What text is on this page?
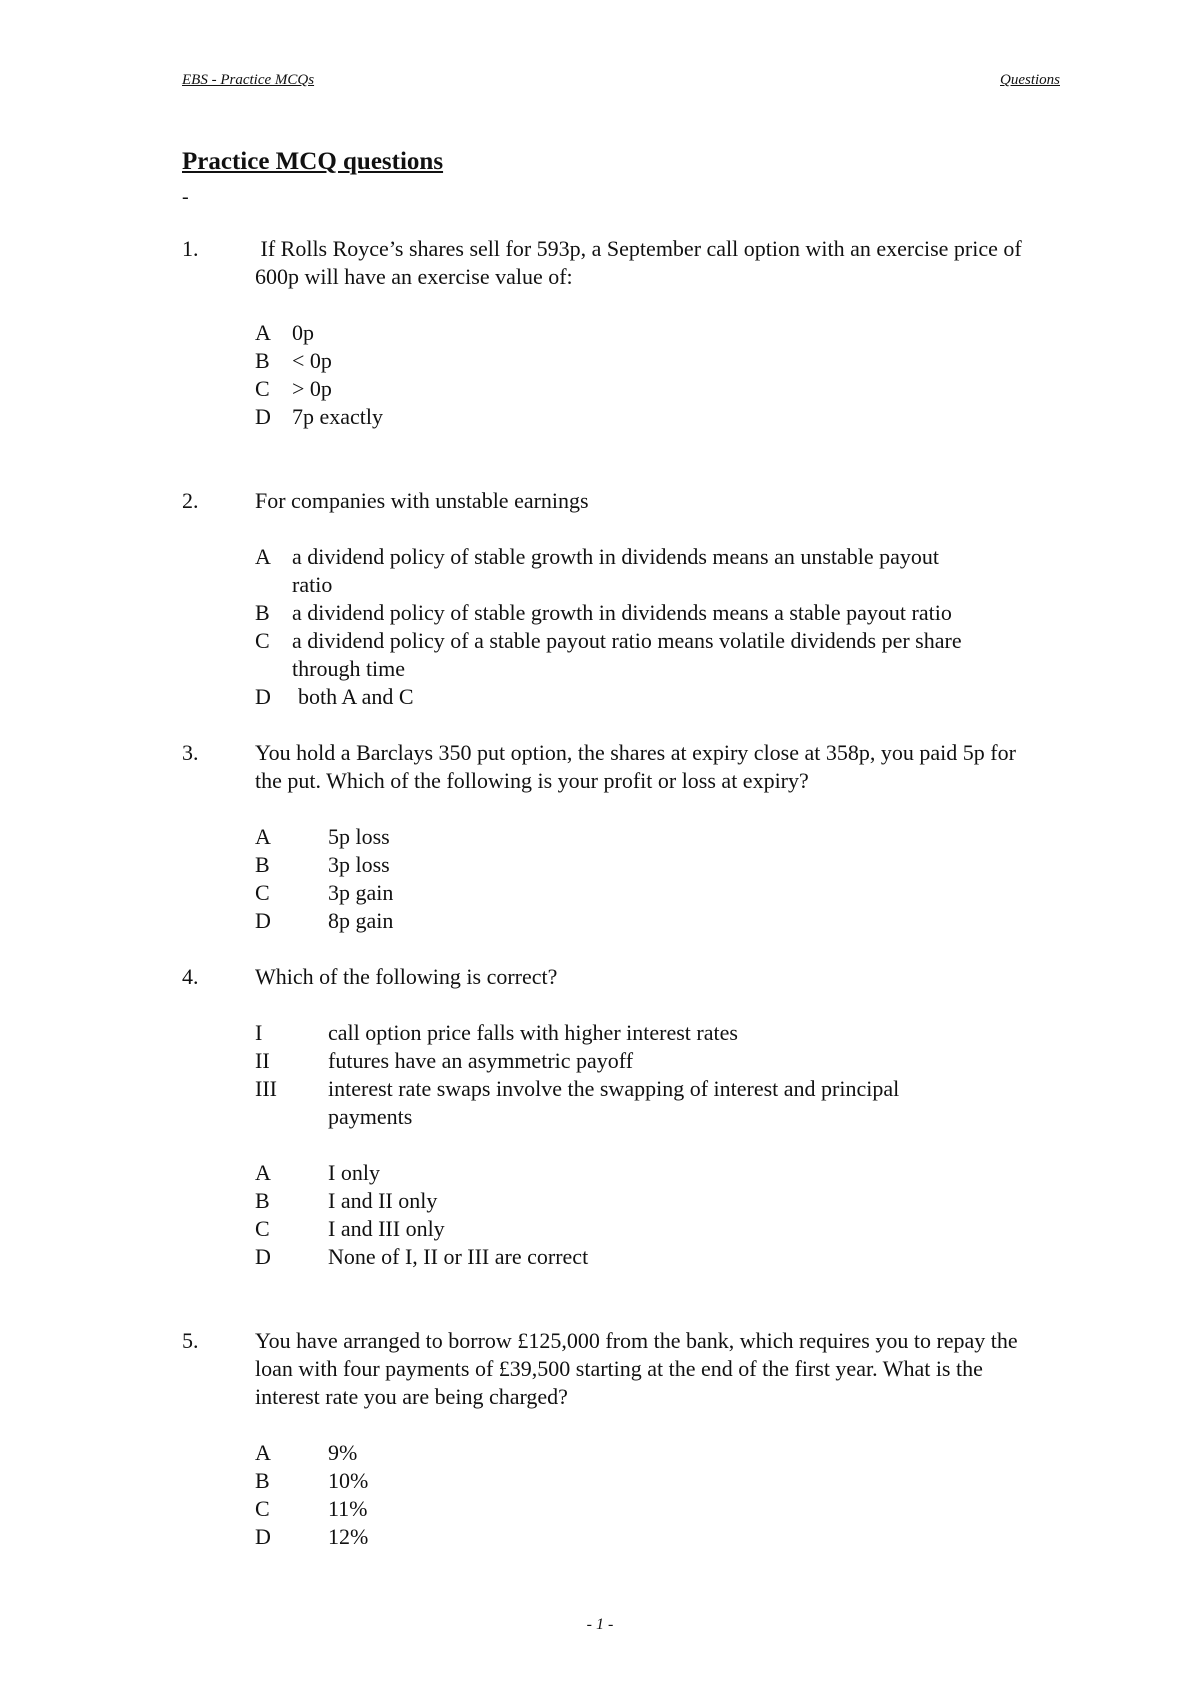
EBS - Practice MCQs	Questions
Practice MCQ questions
-
1.	If Rolls Royce’s shares sell for 593p, a September call option with an exercise price of 600p will have an exercise value of:
A 0p
B < 0p
C > 0p
D 7p exactly
2.	For companies with unstable earnings
A a dividend policy of stable growth in dividends means an unstable payout ratio
B a dividend policy of stable growth in dividends means a stable payout ratio
C a dividend policy of a stable payout ratio means volatile dividends per share through time
D both A and C
3.	You hold a Barclays 350 put option, the shares at expiry close at 358p, you paid 5p for the put. Which of the following is your profit or loss at expiry?
A	5p loss
B	3p loss
C	3p gain
D	8p gain
4.	Which of the following is correct?
I	call option price falls with higher interest rates
II	futures have an asymmetric payoff
III	interest rate swaps involve the swapping of interest and principal payments
A	I only
B	I and II only
C	I and III only
D	None of I, II or III are correct
5.	You have arranged to borrow £125,000 from the bank, which requires you to repay the loan with four payments of £39,500 starting at the end of the first year. What is the interest rate you are being charged?
A	9%
B	10%
C	11%
D	12%
- 1 -
